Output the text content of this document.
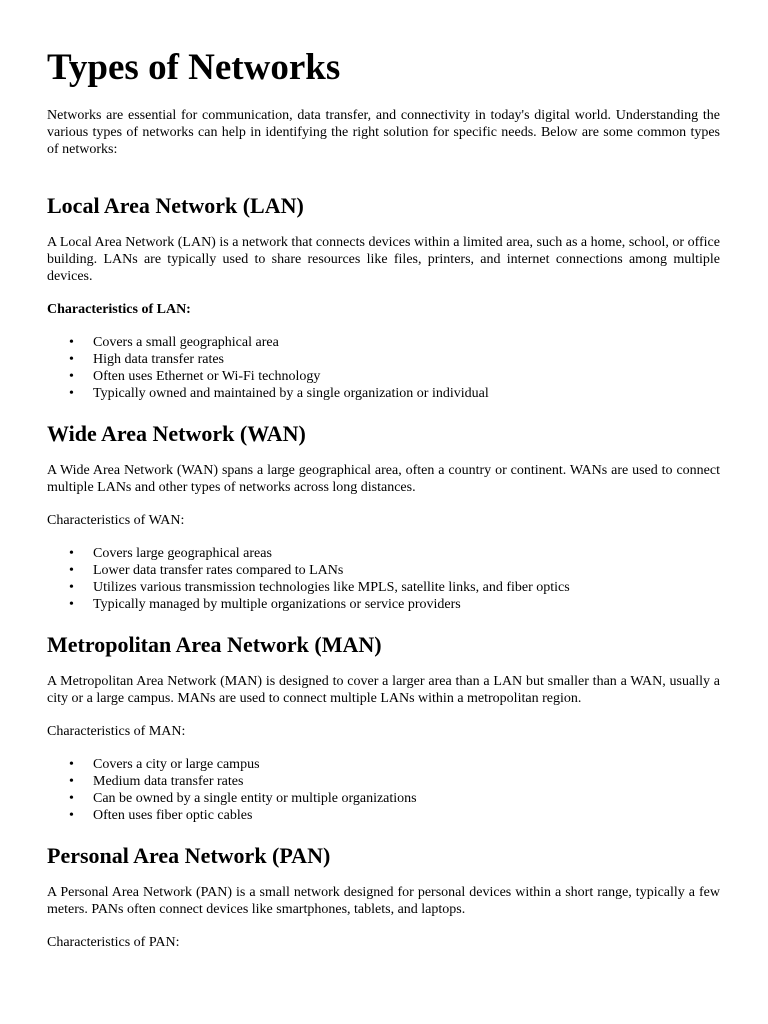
Types of Networks

Networks are essential for communication, data transfer, and connectivity in today's digital world. Understanding the various types of networks can help in identifying the right solution for specific needs. Below are some common types of networks:

Local Area Network (LAN)

A Local Area Network (LAN) is a network that connects devices within a limited area, such as a home, school, or office building. LANs are typically used to share resources like files, printers, and internet connections among multiple devices.

Characteristics of LAN:

• Covers a small geographical area
• High data transfer rates
• Often uses Ethernet or Wi-Fi technology
• Typically owned and maintained by a single organization or individual
Wide Area Network (WAN)

A Wide Area Network (WAN) spans a large geographical area, often a country or continent. WANs are used to connect multiple LANs and other types of networks across long distances.

Characteristics of WAN:

• Covers large geographical areas
• Lower data transfer rates compared to LANs
• Utilizes various transmission technologies like MPLS, satellite links, and fiber optics
• Typically managed by multiple organizations or service providers
Metropolitan Area Network (MAN)

A Metropolitan Area Network (MAN) is designed to cover a larger area than a LAN but smaller than a WAN, usually a city or a large campus. MANs are used to connect multiple LANs within a metropolitan region.

Characteristics of MAN:

• Covers a city or large campus
• Medium data transfer rates
• Can be owned by a single entity or multiple organizations
• Often uses fiber optic cables
Personal Area Network (PAN)

A Personal Area Network (PAN) is a small network designed for personal devices within a short range, typically a few meters. PANs often connect devices like smartphones, tablets, and laptops.

Characteristics of PAN:
